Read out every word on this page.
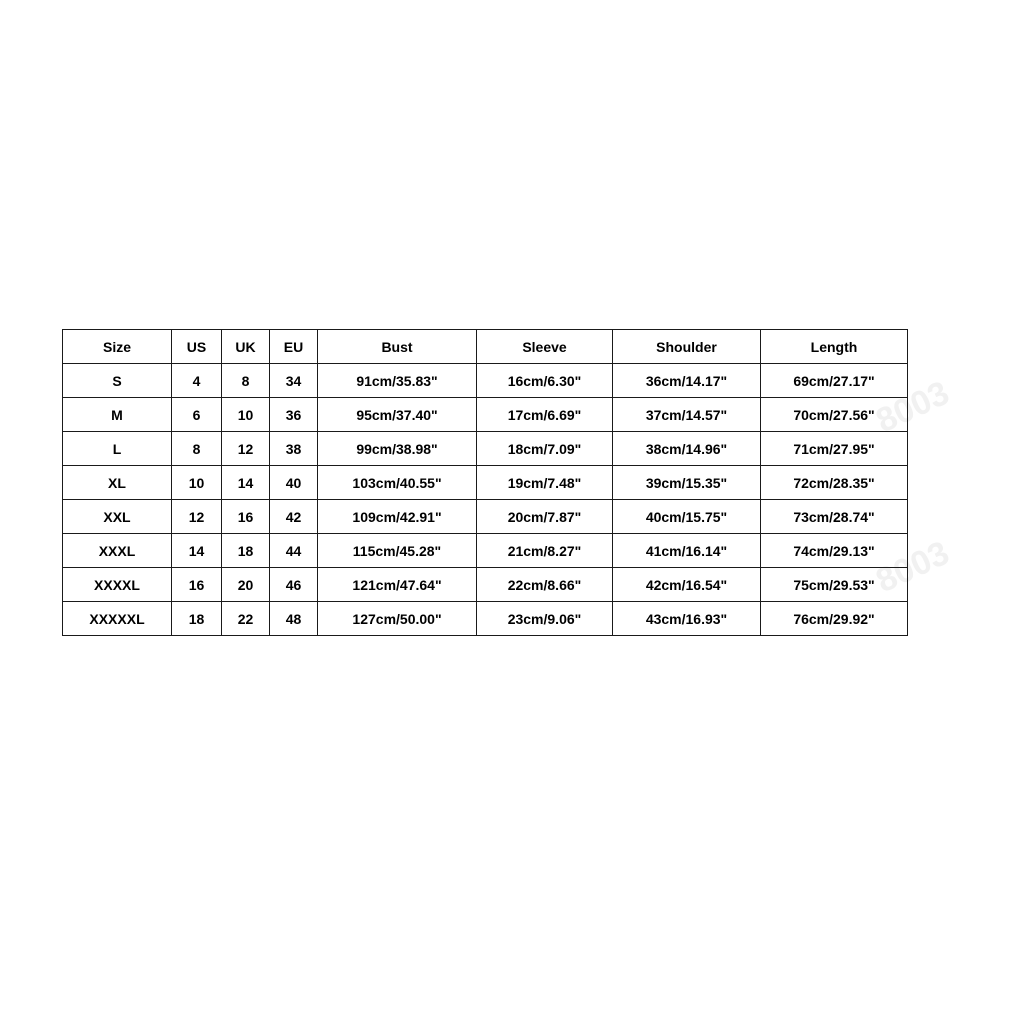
8003
8003
Size	US	UK	EU	Bust	Sleeve	Shoulder	Length
S	4	8	34	91cm/35.83"	16cm/6.30"	36cm/14.17"	69cm/27.17"
M	6	10	36	95cm/37.40"	17cm/6.69"	37cm/14.57"	70cm/27.56"
L	8	12	38	99cm/38.98"	18cm/7.09"	38cm/14.96"	71cm/27.95"
XL	10	14	40	103cm/40.55"	19cm/7.48"	39cm/15.35"	72cm/28.35"
XXL	12	16	42	109cm/42.91"	20cm/7.87"	40cm/15.75"	73cm/28.74"
XXXL	14	18	44	115cm/45.28"	21cm/8.27"	41cm/16.14"	74cm/29.13"
XXXXL	16	20	46	121cm/47.64"	22cm/8.66"	42cm/16.54"	75cm/29.53"
XXXXXL	18	22	48	127cm/50.00"	23cm/9.06"	43cm/16.93"	76cm/29.92"
